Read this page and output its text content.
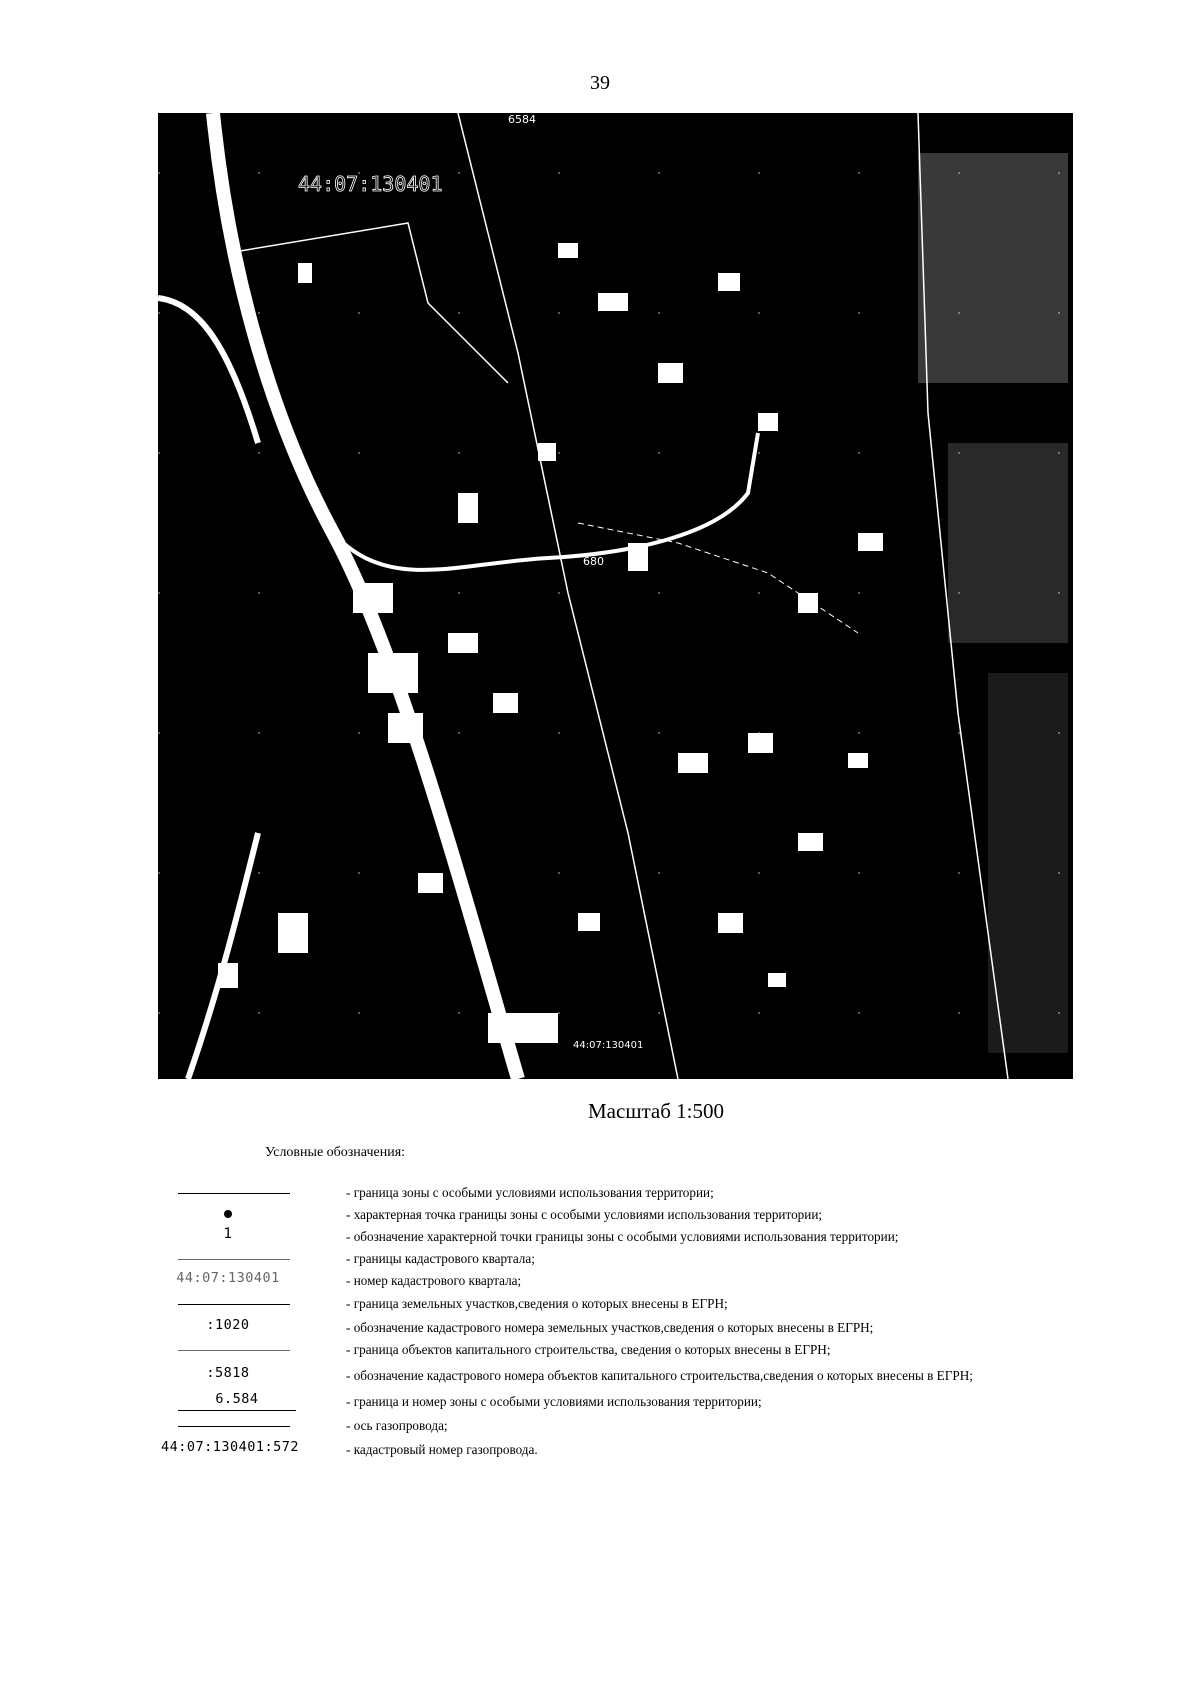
39
44:07:130401
6584
680
44:07:130401
Масштаб 1:500
Условные обозначения:
- граница зоны с особыми условиями использования территории;
- характерная точка границы зоны с особыми условиями использования территории;
1	- обозначение характерной точки границы зоны с особыми условиями использования территории;
- границы кадастрового квартала;
44:07:130401	- номер кадастрового квартала;
- граница земельных участков,сведения о которых внесены в ЕГРН;
:1020	- обозначение кадастрового номера земельных участков,сведения о которых внесены в ЕГРН;
- граница объектов капитального строительства, сведения о которых внесены в ЕГРН;
:5818	- обозначение кадастрового номера объектов капитального строительства,сведения о которых внесены в ЕГРН;
6.584	- граница и номер зоны с особыми условиями использования территории;
- ось газопровода;
44:07:130401:572	- кадастровый номер газопровода.
